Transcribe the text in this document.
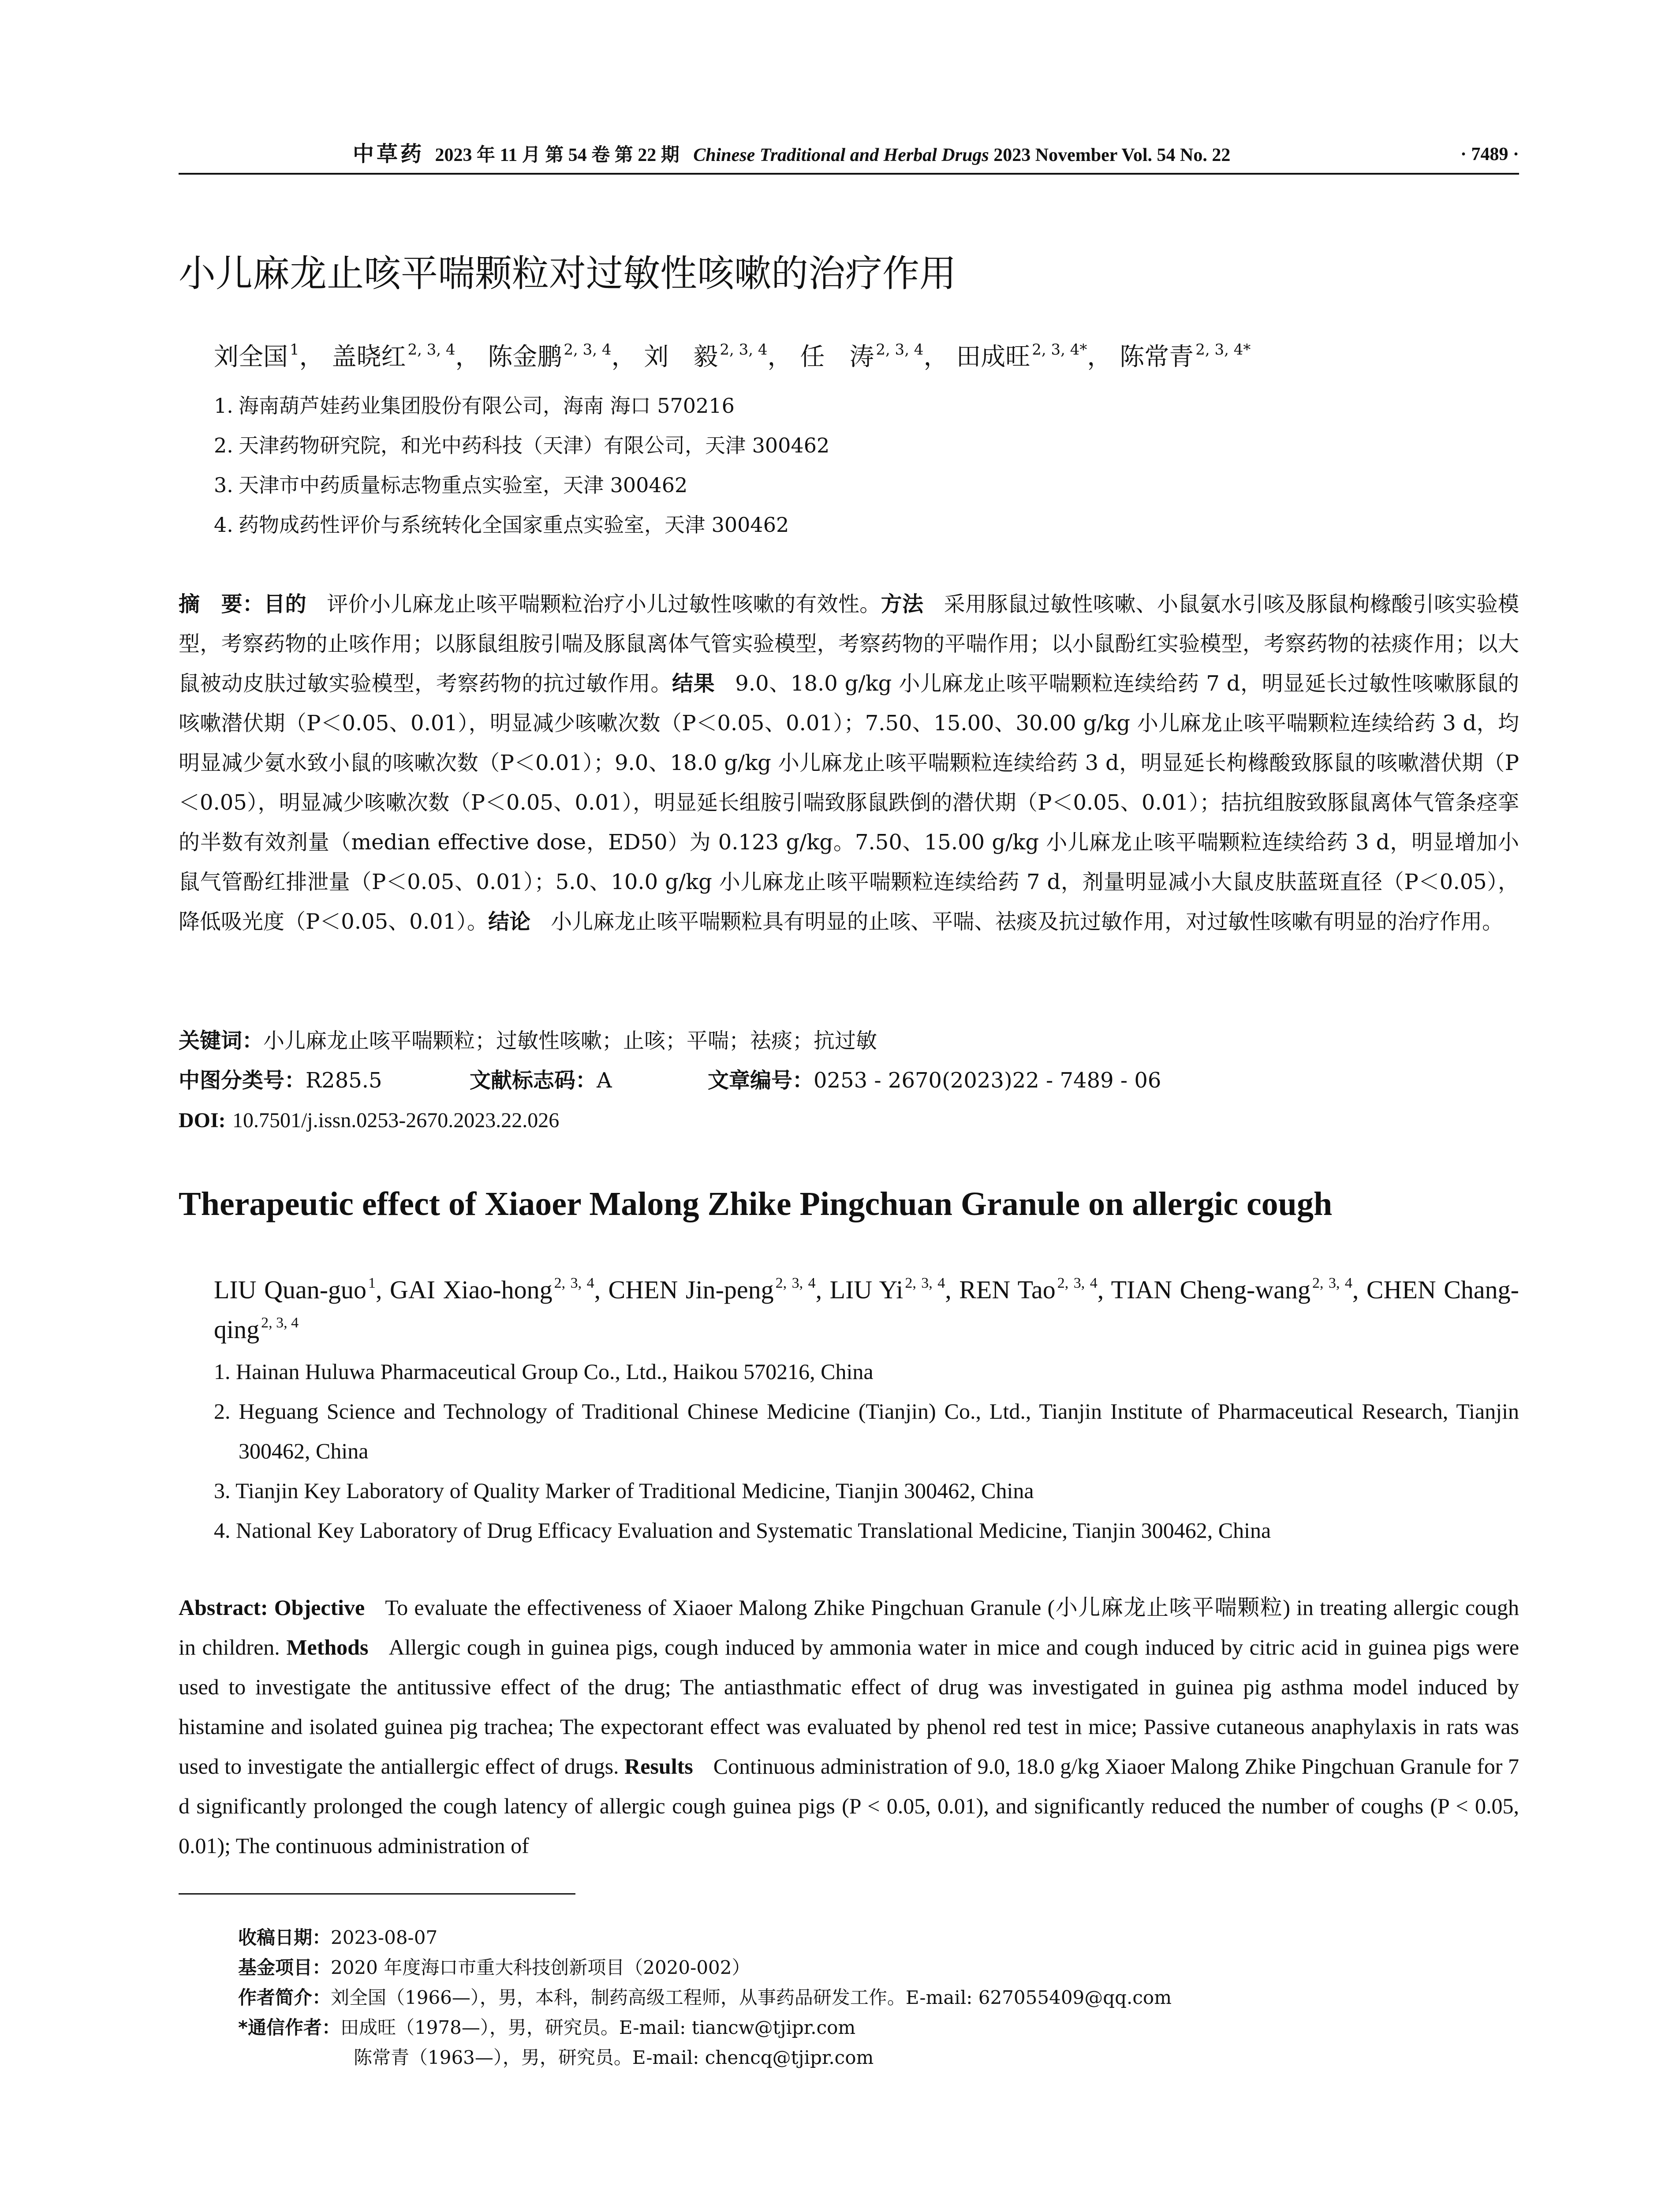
中草药 2023 年 11 月 第 54 卷 第 22 期 Chinese Traditional and Herbal Drugs 2023 November Vol. 54 No. 22	· 7489 ·
小儿麻龙止咳平喘颗粒对过敏性咳嗽的治疗作用
刘全国 $^1$， 盖晓红 $^{2, 3, 4}$， 陈金鹏 $^{2, 3, 4}$， 刘　毅 $^{2, 3, 4}$， 任　涛 $^{2, 3, 4}$， 田成旺 $^{2, 3, 4*}$， 陈常青 $^{2, 3, 4*}$
1. 海南葫芦娃药业集团股份有限公司，海南 海口 570216
2. 天津药物研究院，和光中药科技（天津）有限公司，天津 300462
3. 天津市中药质量标志物重点实验室，天津 300462
4. 药物成药性评价与系统转化全国家重点实验室，天津 300462
摘　要：目的 评价小儿麻龙止咳平喘颗粒治疗小儿过敏性咳嗽的有效性。方法 采用豚鼠过敏性咳嗽、小鼠氨水引咳及豚鼠枸橼酸引咳实验模型，考察药物的止咳作用；以豚鼠组胺引喘及豚鼠离体气管实验模型，考察药物的平喘作用；以小鼠酚红实验模型，考察药物的祛痰作用；以大鼠被动皮肤过敏实验模型，考察药物的抗过敏作用。结果 9.0、18.0 g/kg 小儿麻龙止咳平喘颗粒连续给药 7 d，明显延长过敏性咳嗽豚鼠的咳嗽潜伏期（P＜0.05、0.01），明显减少咳嗽次数（P＜0.05、0.01）；7.50、15.00、30.00 g/kg 小儿麻龙止咳平喘颗粒连续给药 3 d，均明显减少氨水致小鼠的咳嗽次数（P＜0.01）；9.0、18.0 g/kg 小儿麻龙止咳平喘颗粒连续给药 3 d，明显延长枸橼酸致豚鼠的咳嗽潜伏期（P＜0.05），明显减少咳嗽次数（P＜0.05、0.01），明显延长组胺引喘致豚鼠跌倒的潜伏期（P＜0.05、0.01）；拮抗组胺致豚鼠离体气管条痉挛的半数有效剂量（median effective dose，ED50）为 0.123 g/kg。7.50、15.00 g/kg 小儿麻龙止咳平喘颗粒连续给药 3 d，明显增加小鼠气管酚红排泄量（P＜0.05、0.01）；5.0、10.0 g/kg 小儿麻龙止咳平喘颗粒连续给药 7 d，剂量明显减小大鼠皮肤蓝斑直径（P＜0.05），降低吸光度（P＜0.05、0.01）。结论 小儿麻龙止咳平喘颗粒具有明显的止咳、平喘、祛痰及抗过敏作用，对过敏性咳嗽有明显的治疗作用。
关键词：小儿麻龙止咳平喘颗粒；过敏性咳嗽；止咳；平喘；祛痰；抗过敏
中图分类号：R285.5	文献标志码：A	文章编号：0253 - 2670(2023)22 - 7489 - 06
DOI: 10.7501/j.issn.0253-2670.2023.22.026
Therapeutic effect of Xiaoer Malong Zhike Pingchuan Granule on allergic cough
LIU Quan-guo $^1$, GAI Xiao-hong $^{2, 3, 4}$, CHEN Jin-peng $^{2, 3, 4}$, LIU Yi $^{2, 3, 4}$, REN Tao $^{2, 3, 4}$, TIAN Cheng-wang $^{2, 3, 4}$, CHEN Chang-qing $^{2, 3, 4}$
1. Hainan Huluwa Pharmaceutical Group Co., Ltd., Haikou 570216, China
2. Heguang Science and Technology of Traditional Chinese Medicine (Tianjin) Co., Ltd., Tianjin Institute of Pharmaceutical Research, Tianjin 300462, China
3. Tianjin Key Laboratory of Quality Marker of Traditional Medicine, Tianjin 300462, China
4. National Key Laboratory of Drug Efficacy Evaluation and Systematic Translational Medicine, Tianjin 300462, China
Abstract: Objective To evaluate the effectiveness of Xiaoer Malong Zhike Pingchuan Granule (小儿麻龙止咳平喘颗粒) in treating allergic cough in children. Methods Allergic cough in guinea pigs, cough induced by ammonia water in mice and cough induced by citric acid in guinea pigs were used to investigate the antitussive effect of the drug; The antiasthmatic effect of drug was investigated in guinea pig asthma model induced by histamine and isolated guinea pig trachea; The expectorant effect was evaluated by phenol red test in mice; Passive cutaneous anaphylaxis in rats was used to investigate the antiallergic effect of drugs. Results Continuous administration of 9.0, 18.0 g/kg Xiaoer Malong Zhike Pingchuan Granule for 7 d significantly prolonged the cough latency of allergic cough guinea pigs (P < 0.05, 0.01), and significantly reduced the number of coughs (P < 0.05, 0.01); The continuous administration of
收稿日期：2023-08-07
基金项目：2020 年度海口市重大科技创新项目（2020-002）
作者简介：刘全国（1966—），男，本科，制药高级工程师，从事药品研发工作。E-mail: 627055409@qq.com
*通信作者：田成旺（1978—），男，研究员。E-mail: tiancw@tjipr.com
陈常青（1963—），男，研究员。E-mail: chencq@tjipr.com
